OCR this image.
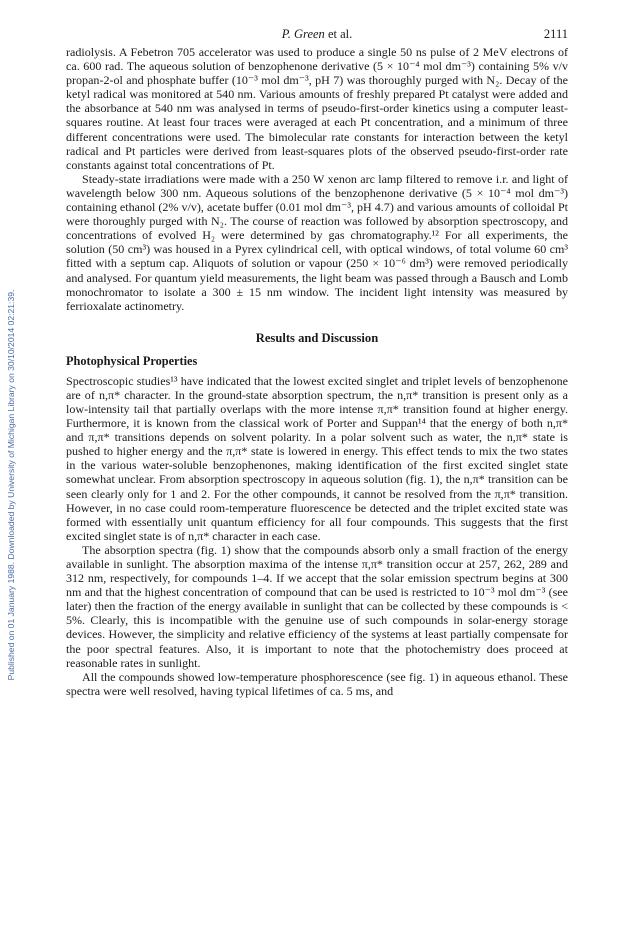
P. Green et al.	2111
Published on 01 January 1988. Downloaded by University of Michigan Library on 30/10/2014 02:21:39.

radiolysis. A Febetron 705 accelerator was used to produce a single 50 ns pulse of 2 MeV electrons of ca. 600 rad. The aqueous solution of benzophenone derivative (5 × 10⁻⁴ mol dm⁻³) containing 5% v/v propan-2-ol and phosphate buffer (10⁻³ mol dm⁻³, pH 7) was thoroughly purged with N₂. Decay of the ketyl radical was monitored at 540 nm. Various amounts of freshly prepared Pt catalyst were added and the absorbance at 540 nm was analysed in terms of pseudo-first-order kinetics using a computer least-squares routine. At least four traces were averaged at each Pt concentration, and a minimum of three different concentrations were used. The bimolecular rate constants for interaction between the ketyl radical and Pt particles were derived from least-squares plots of the observed pseudo-first-order rate constants against total concentrations of Pt.

Steady-state irradiations were made with a 250 W xenon arc lamp filtered to remove i.r. and light of wavelength below 300 nm. Aqueous solutions of the benzophenone derivative (5 × 10⁻⁴ mol dm⁻³) containing ethanol (2% v/v), acetate buffer (0.01 mol dm⁻³, pH 4.7) and various amounts of colloidal Pt were thoroughly purged with N₂. The course of reaction was followed by absorption spectroscopy, and concentrations of evolved H₂ were determined by gas chromatography.¹² For all experiments, the solution (50 cm³) was housed in a Pyrex cylindrical cell, with optical windows, of total volume 60 cm³ fitted with a septum cap. Aliquots of solution or vapour (250 × 10⁻⁶ dm³) were removed periodically and analysed. For quantum yield measurements, the light beam was passed through a Bausch and Lomb monochromator to isolate a 300 ± 15 nm window. The incident light intensity was measured by ferrioxalate actinometry.

Results and Discussion
Photophysical Properties

Spectroscopic studies¹³ have indicated that the lowest excited singlet and triplet levels of benzophenone are of n,π* character. In the ground-state absorption spectrum, the n,π* transition is present only as a low-intensity tail that partially overlaps with the more intense π,π* transition found at higher energy. Furthermore, it is known from the classical work of Porter and Suppan¹⁴ that the energy of both n,π* and π,π* transitions depends on solvent polarity. In a polar solvent such as water, the n,π* state is pushed to higher energy and the π,π* state is lowered in energy. This effect tends to mix the two states in the various water-soluble benzophenones, making identification of the first excited singlet state somewhat unclear. From absorption spectroscopy in aqueous solution (fig. 1), the n,π* transition can be seen clearly only for 1 and 2. For the other compounds, it cannot be resolved from the π,π* transition. However, in no case could room-temperature fluorescence be detected and the triplet excited state was formed with essentially unit quantum efficiency for all four compounds. This suggests that the first excited singlet state is of n,π* character in each case.

The absorption spectra (fig. 1) show that the compounds absorb only a small fraction of the energy available in sunlight. The absorption maxima of the intense π,π* transition occur at 257, 262, 289 and 312 nm, respectively, for compounds 1–4. If we accept that the solar emission spectrum begins at 300 nm and that the highest concentration of compound that can be used is restricted to 10⁻³ mol dm⁻³ (see later) then the fraction of the energy available in sunlight that can be collected by these compounds is < 5%. Clearly, this is incompatible with the genuine use of such compounds in solar-energy storage devices. However, the simplicity and relative efficiency of the systems at least partially compensate for the poor spectral features. Also, it is important to note that the photochemistry does proceed at reasonable rates in sunlight.

All the compounds showed low-temperature phosphorescence (see fig. 1) in aqueous ethanol. These spectra were well resolved, having typical lifetimes of ca. 5 ms, and
